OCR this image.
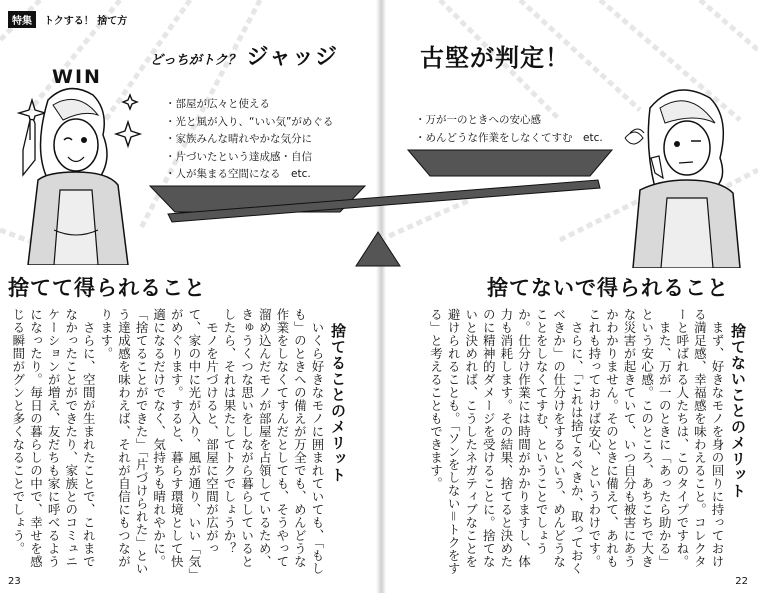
特集	トクする！ 捨て方
どっちがトク？ ジャッジ	古堅が判定！
WIN
・部屋が広々と使える
・光と風が入り、“いい気”がめぐる
・家族みんな晴れやかな気分に
・片づいたという達成感・自信
・人が集まる空間になる　etc.
・万が一のときへの安心感
・めんどうな作業をしなくてすむ　etc.
捨てて得られること	捨てないで得られること

捨てないことのメリット

まず、好きなモノを身の回りに持っておける満足感、幸福感を味わえること。コレクターと呼ばれる人たちは、このタイプですね。

また、万が一のときに「あったら助かる」という安心感。このところ、あちこちで大きな災害が起きていて、いつ自分も被害にあうかわかりません。そのときに備えて、あれもこれも持っておけば安心、というわけです。

さらに、「これは捨てるべきか、取っておくべきか」の仕分けをするという、めんどうなことをしなくてすむ、ということでしょうか。仕分け作業には時間がかかりますし、体力も消耗します。その結果、捨てると決めたのに精神的ダメージを受けることに。捨てないと決めれば、こうしたネガティブなことを避けられることも。「ソンをしない＝トクをする」と考えることもできます。

捨てることのメリット

いくら好きなモノに囲まれていても、「もしも」のときへの備えが万全でも、めんどうな作業をしなくてすんだとしても、そうやって溜め込んだモノが部屋を占領しているため、きゅうくつな思いをしながら暮らしているとしたら、それは果たしてトクでしょうか？

モノを片づけると、部屋に空間が広がって、家の中に光が入り、風が通り、いい「気」がめぐります。すると、暮らす環境として快適になるだけでなく、気持ちも晴れやかに。「捨てることができた」「片づけられた」という達成感を味わえば、それが自信にもつながります。

さらに、空間が生まれたことで、これまでなかったことができたり、家族とのコミュニケーションが増え、友だちも家に呼べるようになったり。毎日の暮らしの中で、幸せを感じる瞬間がグンと多くなることでしょう。

23	22
